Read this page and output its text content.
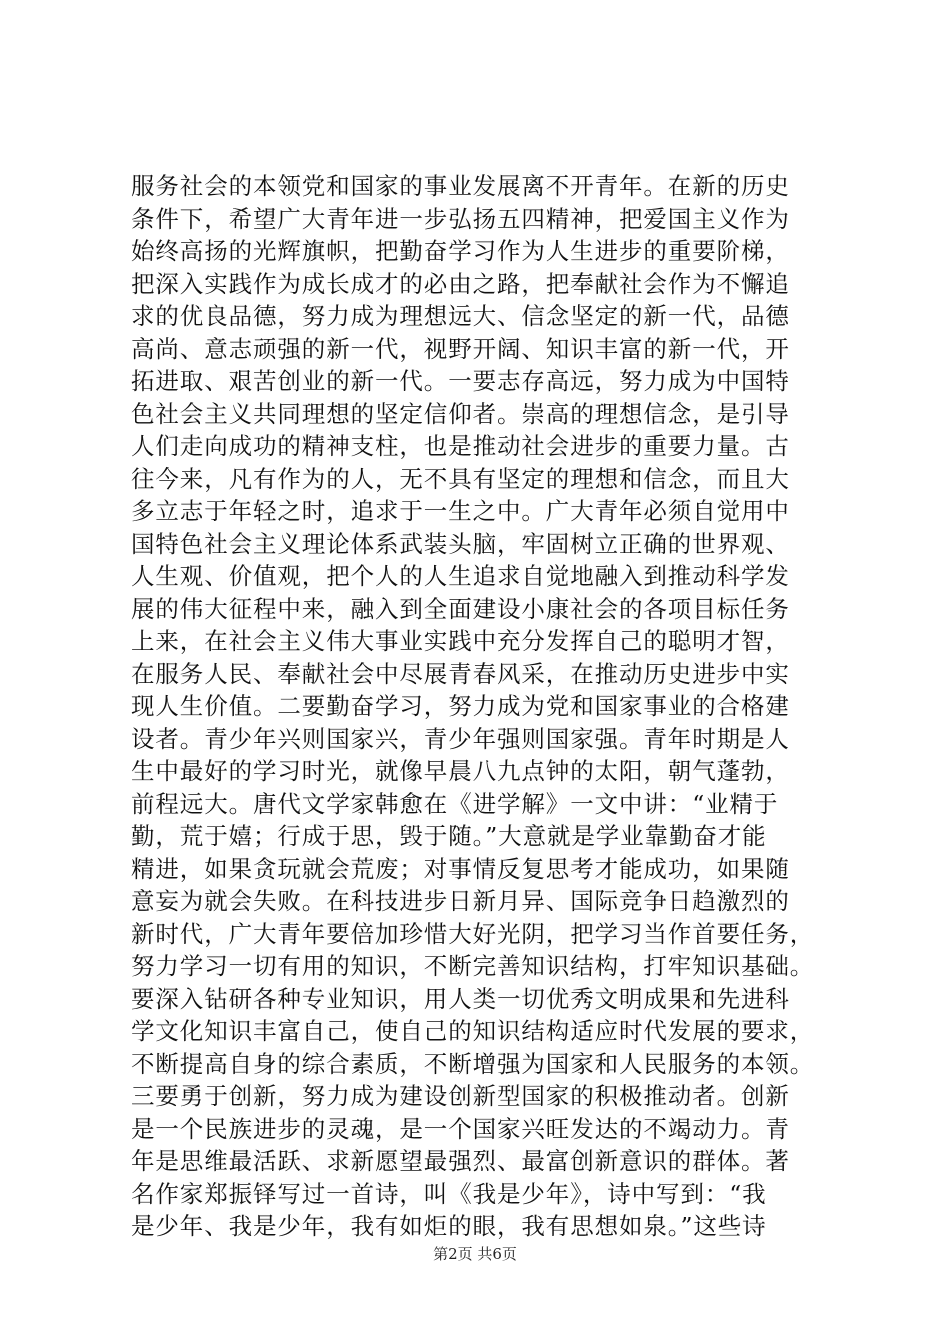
服务社会的本领党和国家的事业发展离不开青年。在新的历史
条件下，希望广大青年进一步弘扬五四精神，把爱国主义作为
始终高扬的光辉旗帜，把勤奋学习作为人生进步的重要阶梯，
把深入实践作为成长成才的必由之路，把奉献社会作为不懈追
求的优良品德，努力成为理想远大、信念坚定的新一代，品德
高尚、意志顽强的新一代，视野开阔、知识丰富的新一代，开
拓进取、艰苦创业的新一代。一要志存高远，努力成为中国特
色社会主义共同理想的坚定信仰者。崇高的理想信念，是引导
人们走向成功的精神支柱，也是推动社会进步的重要力量。古
往今来，凡有作为的人，无不具有坚定的理想和信念，而且大
多立志于年轻之时，追求于一生之中。广大青年必须自觉用中
国特色社会主义理论体系武装头脑，牢固树立正确的世界观、
人生观、价值观，把个人的人生追求自觉地融入到推动科学发
展的伟大征程中来，融入到全面建设小康社会的各项目标任务
上来，在社会主义伟大事业实践中充分发挥自己的聪明才智，
在服务人民、奉献社会中尽展青春风采，在推动历史进步中实
现人生价值。二要勤奋学习，努力成为党和国家事业的合格建
设者。青少年兴则国家兴，青少年强则国家强。青年时期是人
生中最好的学习时光，就像早晨八九点钟的太阳，朝气蓬勃，
前程远大。唐代文学家韩愈在《进学解》一文中讲：“业精于
勤，荒于嬉；行成于思，毁于随。”大意就是学业靠勤奋才能
精进，如果贪玩就会荒废；对事情反复思考才能成功，如果随
意妄为就会失败。在科技进步日新月异、国际竞争日趋激烈的
新时代，广大青年要倍加珍惜大好光阴，把学习当作首要任务，
努力学习一切有用的知识，不断完善知识结构，打牢知识基础。
要深入钻研各种专业知识，用人类一切优秀文明成果和先进科
学文化知识丰富自己，使自己的知识结构适应时代发展的要求，
不断提高自身的综合素质，不断增强为国家和人民服务的本领。
三要勇于创新，努力成为建设创新型国家的积极推动者。创新
是一个民族进步的灵魂，是一个国家兴旺发达的不竭动力。青
年是思维最活跃、求新愿望最强烈、最富创新意识的群体。著
名作家郑振铎写过一首诗，叫《我是少年》，诗中写到：“我
是少年、我是少年，我有如炬的眼，我有思想如泉。”这些诗
第2页 共6页
